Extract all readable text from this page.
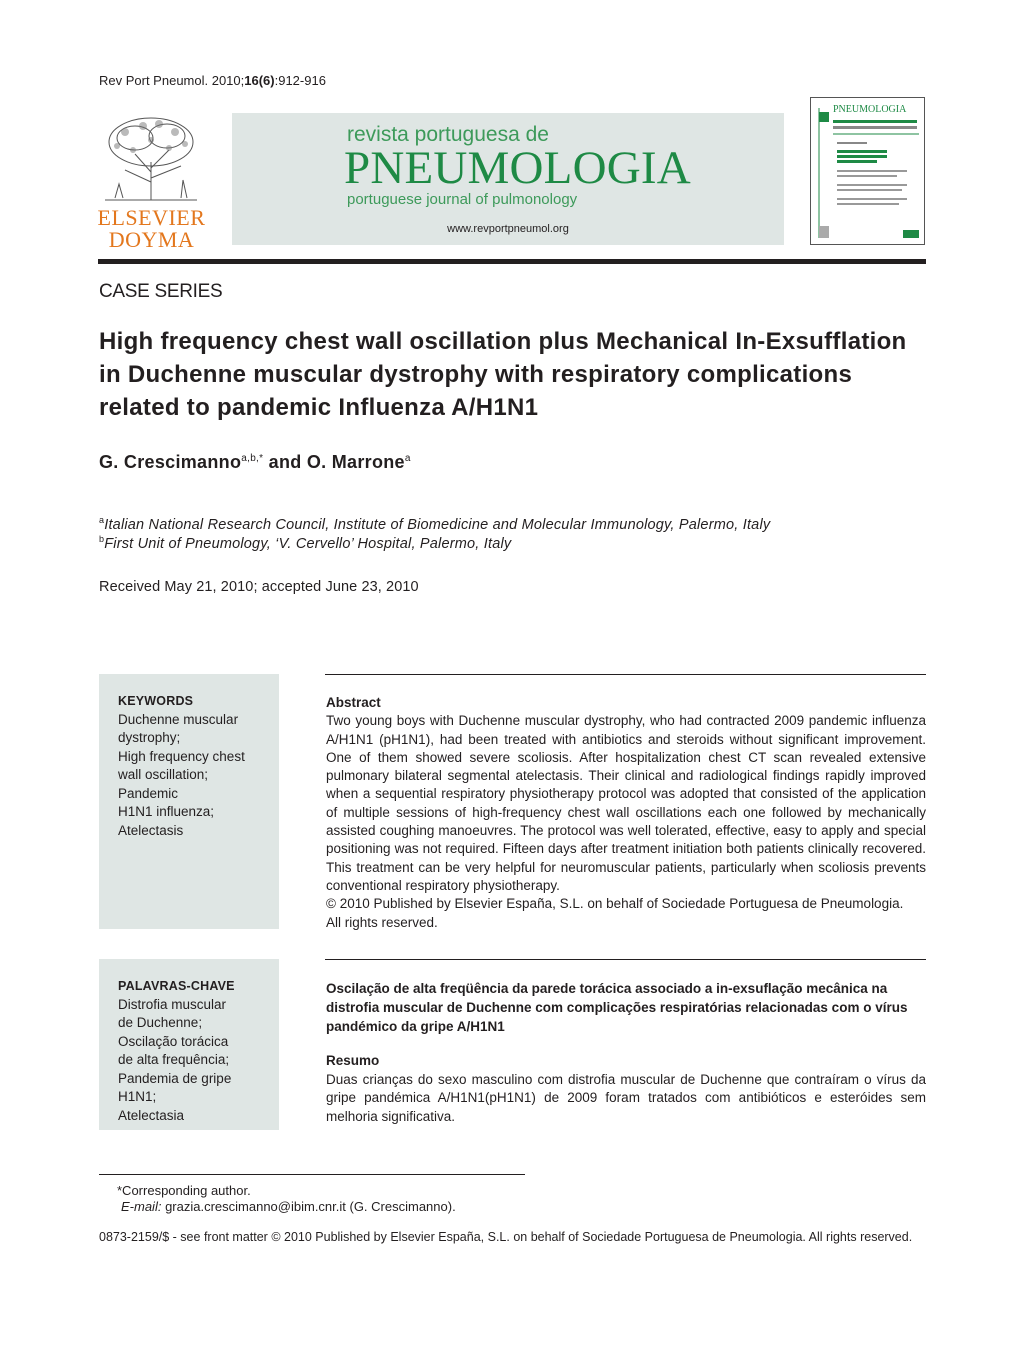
Rev Port Pneumol. 2010;16(6):912-916
ELSEVIER
DOYMA
revista portuguesa de
PNEUMOLOGIA
portuguese journal of pulmonology
www.revportpneumol.org
PNEUMOLOGIA
CASE SERIES
High frequency chest wall oscillation plus Mechanical In-Exsufflation in Duchenne muscular dystrophy with respiratory complications related to pandemic Influenza A/H1N1
G. Crescimanno$^{a,b,*}$ and O. Marrone$^a$
$^a$Italian National Research Council, Institute of Biomedicine and Molecular Immunology, Palermo, Italy
$^b$First Unit of Pneumology, ‘V. Cervello’ Hospital, Palermo, Italy
Received May 21, 2010; accepted June 23, 2010
KEYWORDS
Duchenne muscular
dystrophy;
High frequency chest
wall oscillation;
Pandemic
H1N1 influenza;
Atelectasis
Abstract
Two young boys with Duchenne muscular dystrophy, who had contracted 2009 pandemic influenza A/H1N1 (pH1N1), had been treated with antibiotics and steroids without significant improvement. One of them showed severe scoliosis. After hospitalization chest CT scan revealed extensive pulmonary bilateral segmental atelectasis. Their clinical and radiological findings rapidly improved when a sequential respiratory physiotherapy protocol was adopted that consisted of the application of multiple sessions of high-frequency chest wall oscillations each one followed by mechanically assisted coughing manoeuvres. The protocol was well tolerated, effective, easy to apply and special positioning was not required. Fifteen days after treatment initiation both patients clinically recovered. This treatment can be very helpful for neuromuscular patients, particularly when scoliosis prevents conventional respiratory physiotherapy.
© 2010 Published by Elsevier España, S.L. on behalf of Sociedade Portuguesa de Pneumologia.
All rights reserved.
PALAVRAS-CHAVE
Distrofia muscular
de Duchenne;
Oscilação torácica
de alta frequência;
Pandemia de gripe
H1N1;
Atelectasia
Oscilação de alta freqüência da parede torácica associado a in-exsuflação mecânica na distrofia muscular de Duchenne com complicações respiratórias relacionadas com o vírus pandémico da gripe A/H1N1
Resumo
Duas crianças do sexo masculino com distrofia muscular de Duchenne que contraíram o vírus da gripe pandémica A/H1N1(pH1N1) de 2009 foram tratados com antibióticos e esteróides sem melhoria significativa.
*Corresponding author.
E-mail: grazia.crescimanno@ibim.cnr.it (G. Crescimanno).
0873-2159/$ - see front matter © 2010 Published by Elsevier España, S.L. on behalf of Sociedade Portuguesa de Pneumologia. All rights reserved.
